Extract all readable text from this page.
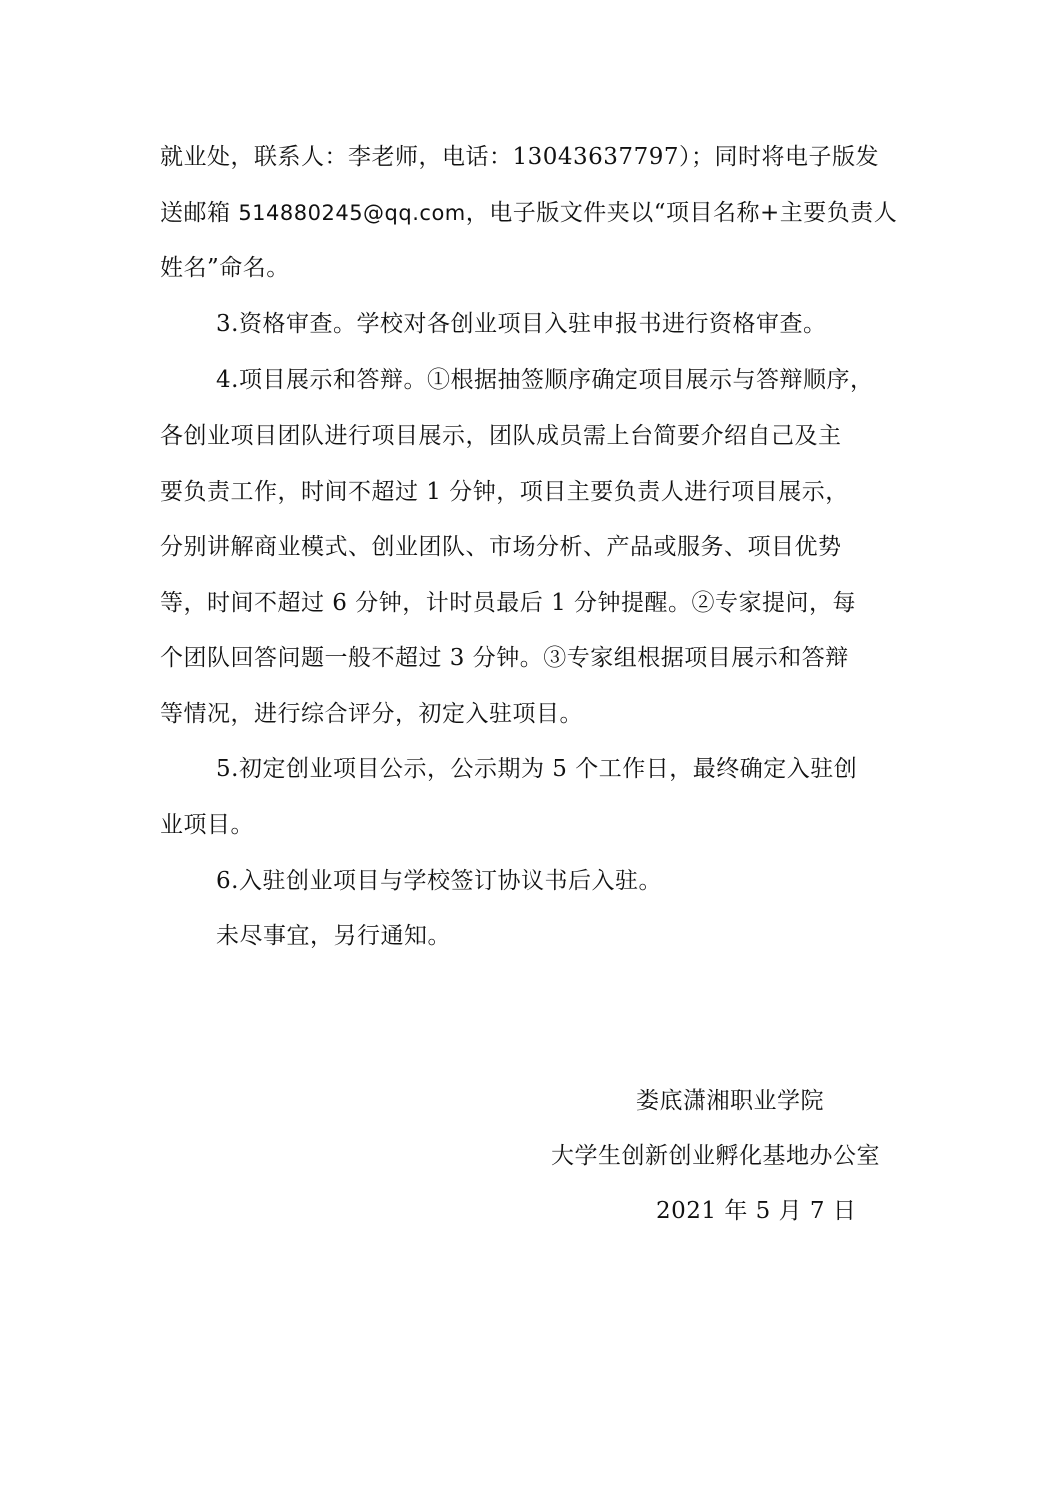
就业处，联系人：李老师，电话：13043637797）；同时将电子版发
送邮箱 514880245@qq.com，电子版文件夹以“项目名称+主要负责人
姓名”命名。
3.资格审查。学校对各创业项目入驻申报书进行资格审查。
4.项目展示和答辩。①根据抽签顺序确定项目展示与答辩顺序，
各创业项目团队进行项目展示，团队成员需上台简要介绍自己及主
要负责工作，时间不超过 1 分钟，项目主要负责人进行项目展示，
分别讲解商业模式、创业团队、市场分析、产品或服务、项目优势
等，时间不超过 6 分钟，计时员最后 1 分钟提醒。②专家提问，每
个团队回答问题一般不超过 3 分钟。③专家组根据项目展示和答辩
等情况，进行综合评分，初定入驻项目。
5.初定创业项目公示，公示期为 5 个工作日，最终确定入驻创
业项目。
6.入驻创业项目与学校签订协议书后入驻。
未尽事宜，另行通知。
娄底潇湘职业学院
大学生创新创业孵化基地办公室
2021 年 5 月 7 日
